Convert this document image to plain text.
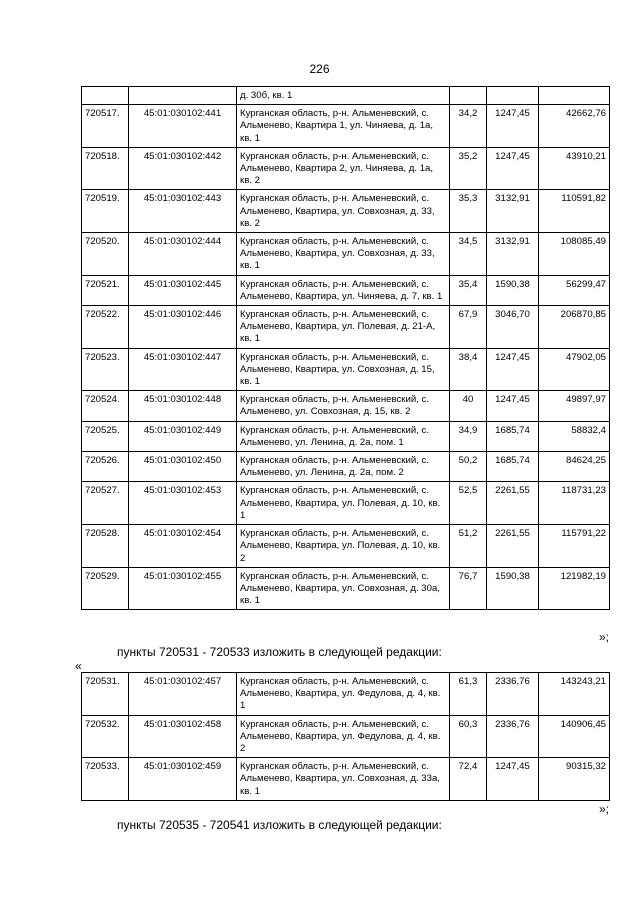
226
		д. 30б, кв. 1			
720517.	45:01:030102:441	Курганская область, р-н. Альменевский, с. Альменево, Квартира 1, ул. Чиняева, д. 1а, кв. 1	34,2	1247,45	42662,76
720518.	45:01:030102:442	Курганская область, р-н. Альменевский, с. Альменево, Квартира 2, ул. Чиняева, д. 1а, кв. 2	35,2	1247,45	43910,21
720519.	45:01:030102:443	Курганская область, р-н. Альменевский, с. Альменево, Квартира, ул. Совхозная, д. 33, кв. 2	35,3	3132,91	110591,82
720520.	45:01:030102:444	Курганская область, р-н. Альменевский, с. Альменево, Квартира, ул. Совхозная, д. 33, кв. 1	34,5	3132,91	108085,49
720521.	45:01:030102:445	Курганская область, р-н. Альменевский, с. Альменево, Квартира, ул. Чиняева, д. 7, кв. 1	35,4	1590,38	56299,47
720522.	45:01:030102:446	Курганская область, р-н. Альменевский, с. Альменево, Квартира, ул. Полевая, д. 21-А, кв. 1	67,9	3046,70	206870,85
720523.	45:01:030102:447	Курганская область, р-н. Альменевский, с. Альменево, Квартира, ул. Совхозная, д. 15, кв. 1	38,4	1247,45	47902,05
720524.	45:01:030102:448	Курганская область, р-н. Альменевский, с. Альменево, ул. Совхозная, д. 15, кв. 2	40	1247,45	49897,97
720525.	45:01:030102:449	Курганская область, р-н. Альменевский, с. Альменево, ул. Ленина, д. 2а, пом. 1	34,9	1685,74	58832,4
720526.	45:01:030102:450	Курганская область, р-н. Альменевский, с. Альменево, ул. Ленина, д. 2а, пом. 2	50,2	1685,74	84624,25
720527.	45:01:030102:453	Курганская область, р-н. Альменевский, с. Альменево, Квартира, ул. Полевая, д. 10, кв. 1	52,5	2261,55	118731,23
720528.	45:01:030102:454	Курганская область, р-н. Альменевский, с. Альменево, Квартира, ул. Полевая, д. 10, кв. 2	51,2	2261,55	115791,22
720529.	45:01:030102:455	Курганская область, р-н. Альменевский, с. Альменево, Квартира, ул. Совхозная, д. 30а, кв. 1	76,7	1590,38	121982,19
»;
пункты 720531 - 720533 изложить в следующей редакции:
«
720531.	45:01:030102:457	Курганская область, р-н. Альменевский, с. Альменево, Квартира, ул. Федулова, д. 4, кв. 1	61,3	2336,76	143243,21
720532.	45:01:030102:458	Курганская область, р-н. Альменевский, с. Альменево, Квартира, ул. Федулова, д. 4, кв. 2	60,3	2336,76	140906,45
720533.	45:01:030102:459	Курганская область, р-н. Альменевский, с. Альменево, Квартира, ул. Совхозная, д. 33а, кв. 1	72,4	1247,45	90315,32
»;
пункты 720535 - 720541 изложить в следующей редакции:
